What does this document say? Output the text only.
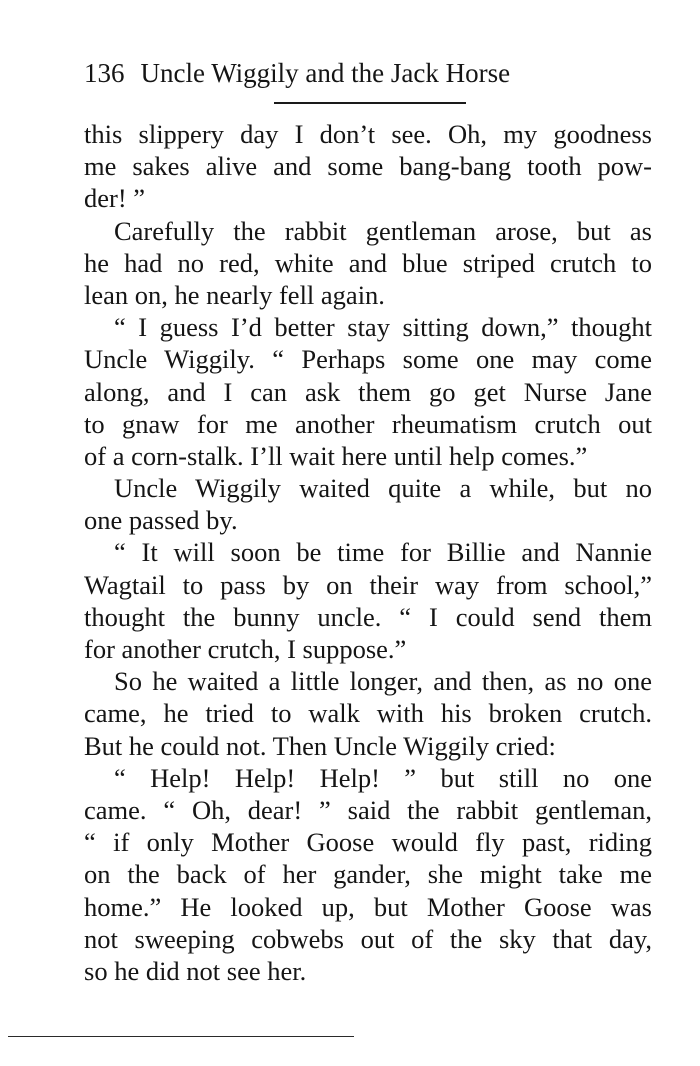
136 Uncle Wiggily and the Jack Horse
this slippery day I don’t see. Oh, my goodness
me sakes alive and some bang-bang tooth pow-
der! ”
Carefully the rabbit gentleman arose, but as
he had no red, white and blue striped crutch to
lean on, he nearly fell again.
“ I guess I’d better stay sitting down,” thought
Uncle Wiggily. “ Perhaps some one may come
along, and I can ask them go get Nurse Jane
to gnaw for me another rheumatism crutch out
of a corn-stalk. I’ll wait here until help comes.”
Uncle Wiggily waited quite a while, but no
one passed by.
“ It will soon be time for Billie and Nannie
Wagtail to pass by on their way from school,”
thought the bunny uncle. “ I could send them
for another crutch, I suppose.”
So he waited a little longer, and then, as no one
came, he tried to walk with his broken crutch.
But he could not. Then Uncle Wiggily cried:
“ Help! Help! Help! ” but still no one
came. “ Oh, dear! ” said the rabbit gentleman,
“ if only Mother Goose would fly past, riding
on the back of her gander, she might take me
home.” He looked up, but Mother Goose was
not sweeping cobwebs out of the sky that day,
so he did not see her.
